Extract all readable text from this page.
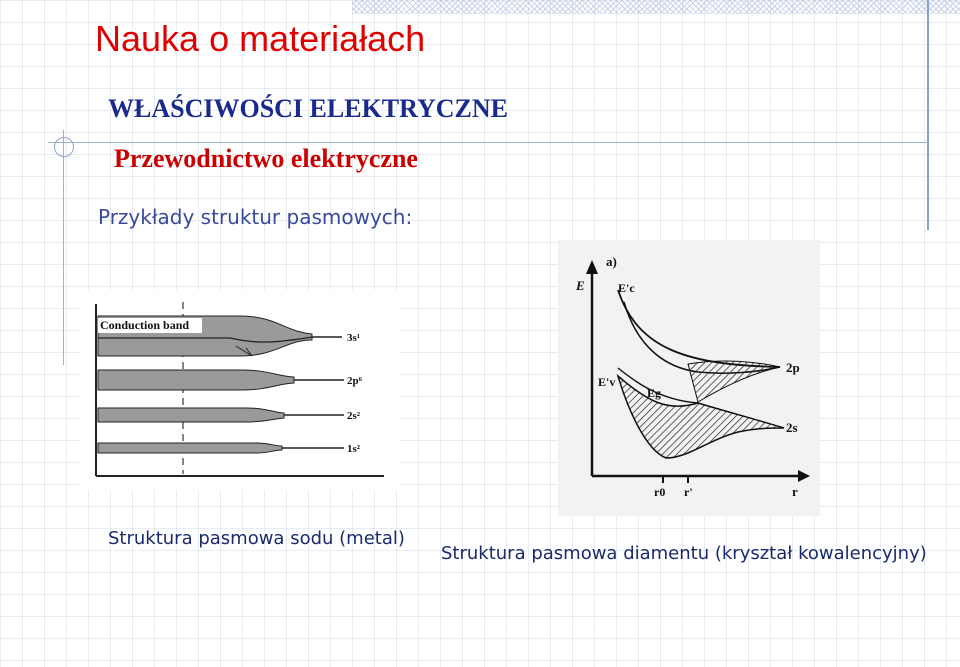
Nauka o materiałach
WŁAŚCIWOŚCI ELEKTRYCZNE
Przewodnictwo elektryczne

Przykłady struktur pasmowych:

Conduction band
3s¹
2p⁶
2s²
1s²
a)
E	E'c
E'v
Eg
2p
2s
r0 r'	r

Struktura pasmowa sodu (metal)

Struktura pasmowa diamentu (kryształ kowalencyjny)
